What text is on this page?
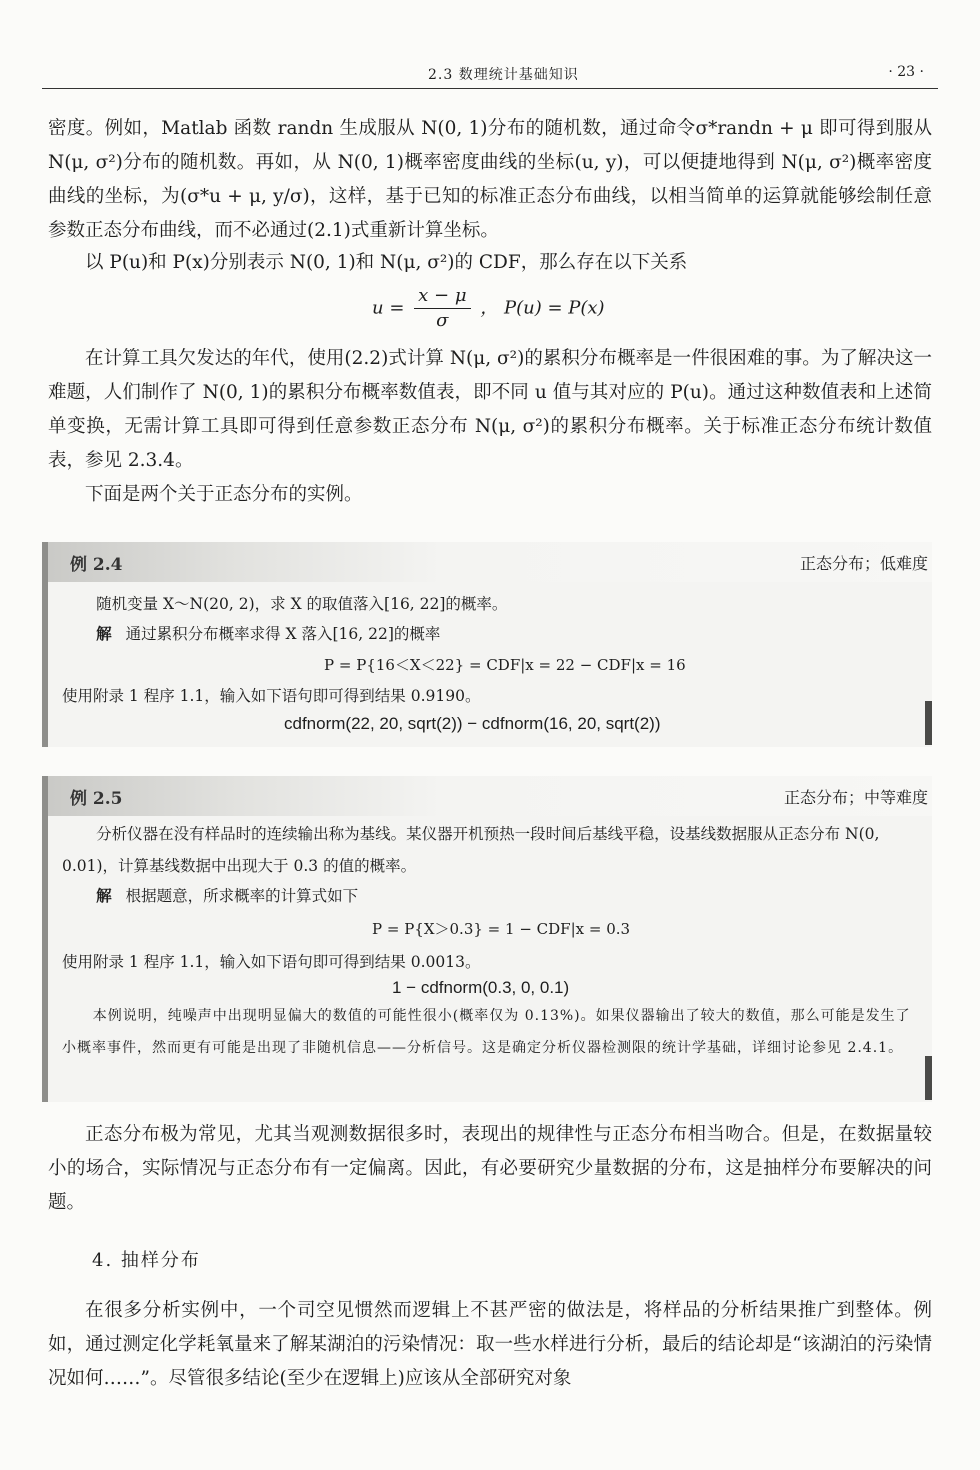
2.3 数理统计基础知识	· 23 ·

密度。例如，Matlab 函数 randn 生成服从 N(0, 1)分布的随机数，通过命令σ*randn + μ 即可得到服从 N(μ, σ²)分布的随机数。再如，从 N(0, 1)概率密度曲线的坐标(u, y)，可以便捷地得到 N(μ, σ²)概率密度曲线的坐标，为(σ*u + μ, y/σ)，这样，基于已知的标准正态分布曲线，以相当简单的运算就能够绘制任意参数正态分布曲线，而不必通过(2.1)式重新计算坐标。

以 P(u)和 P(x)分别表示 N(0, 1)和 N(μ, σ²)的 CDF，那么存在以下关系

$u = \frac{x - \mu}{\sigma}$ ， P(u) = P(x)

在计算工具欠发达的年代，使用(2.2)式计算 N(μ, σ²)的累积分布概率是一件很困难的事。为了解决这一难题，人们制作了 N(0, 1)的累积分布概率数值表，即不同 u 值与其对应的 P(u)。通过这种数值表和上述简单变换，无需计算工具即可得到任意参数正态分布 N(μ, σ²)的累积分布概率。关于标准正态分布统计数值表，参见 2.3.4。

下面是两个关于正态分布的实例。

例 2.4	正态分布；低难度

随机变量 X～N(20, 2)，求 X 的取值落入[16, 22]的概率。

解 通过累积分布概率求得 X 落入[16, 22]的概率

P = P{16＜X＜22} = CDF|x = 22 − CDF|x = 16

使用附录 1 程序 1.1，输入如下语句即可得到结果 0.9190。

cdfnorm(22, 20, sqrt(2)) − cdfnorm(16, 20, sqrt(2))
例 2.5	正态分布；中等难度

分析仪器在没有样品时的连续输出称为基线。某仪器开机预热一段时间后基线平稳，设基线数据服从正态分布 N(0, 0.01)，计算基线数据中出现大于 0.3 的值的概率。

解 根据题意，所求概率的计算式如下

P = P{X＞0.3} = 1 − CDF|x = 0.3

使用附录 1 程序 1.1，输入如下语句即可得到结果 0.0013。

1 − cdfnorm(0.3, 0, 0.1)

本例说明，纯噪声中出现明显偏大的数值的可能性很小(概率仅为 0.13%)。如果仪器输出了较大的数值，那么可能是发生了小概率事件，然而更有可能是出现了非随机信息——分析信号。这是确定分析仪器检测限的统计学基础，详细讨论参见 2.4.1。

正态分布极为常见，尤其当观测数据很多时，表现出的规律性与正态分布相当吻合。但是，在数据量较小的场合，实际情况与正态分布有一定偏离。因此，有必要研究少量数据的分布，这是抽样分布要解决的问题。

4. 抽样分布

在很多分析实例中，一个司空见惯然而逻辑上不甚严密的做法是，将样品的分析结果推广到整体。例如，通过测定化学耗氧量来了解某湖泊的污染情况：取一些水样进行分析，最后的结论却是“该湖泊的污染情况如何……”。尽管很多结论(至少在逻辑上)应该从全部研究对象
